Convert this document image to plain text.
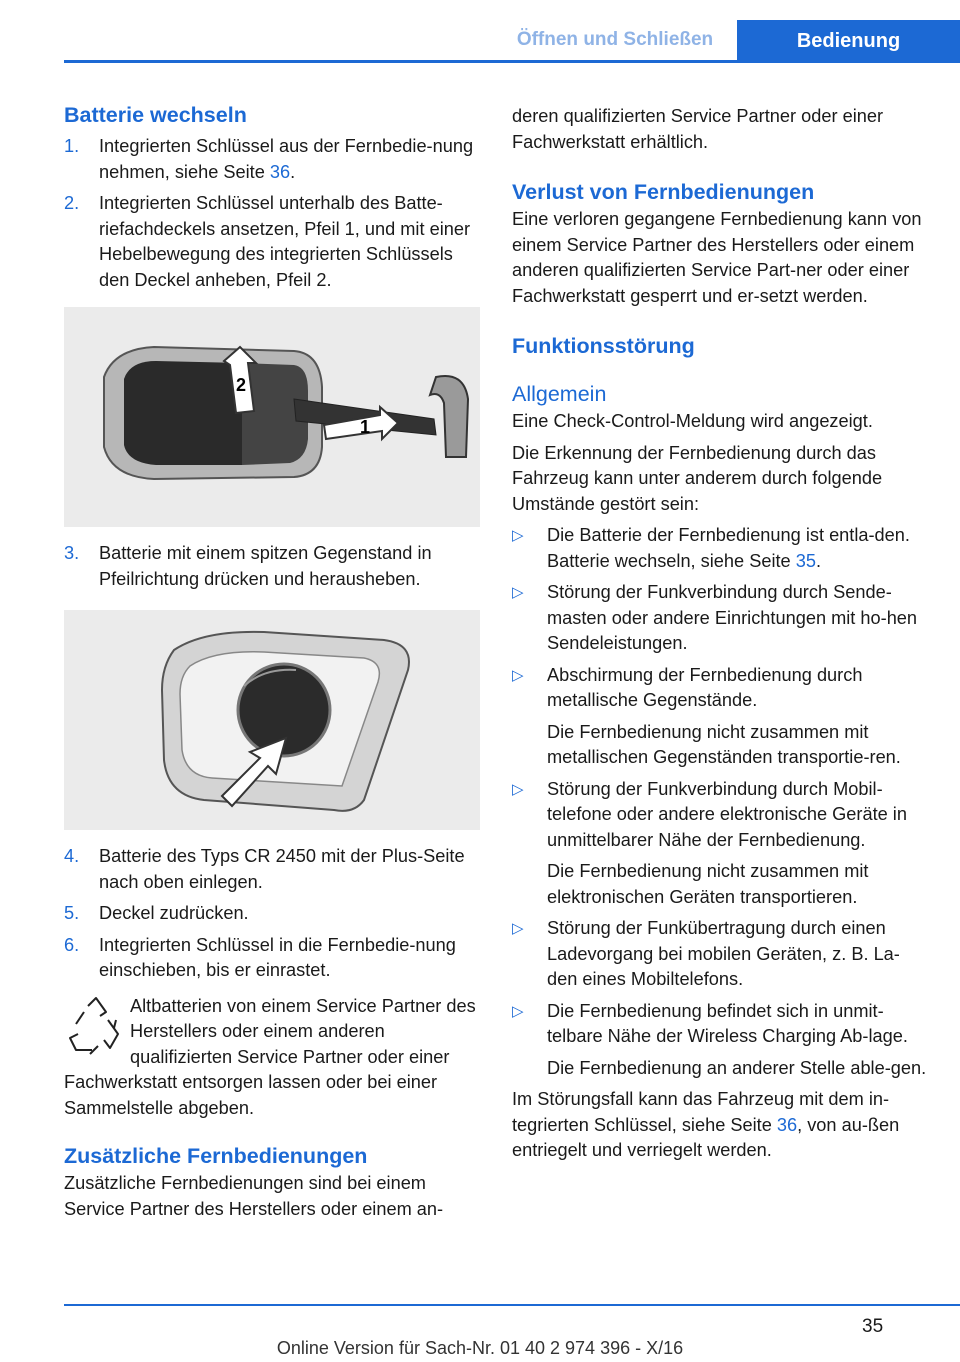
Öffnen und Schließen	Bedienung
Batterie wechseln
1.	Integrierten Schlüssel aus der Fernbedie-nung nehmen, siehe Seite 36.
2.	Integrierten Schlüssel unterhalb des Batte-riefachdeckels ansetzen, Pfeil 1, und mit einer Hebelbewegung des integrierten Schlüssels den Deckel anheben, Pfeil 2.
2
1
3.	Batterie mit einem spitzen Gegenstand in Pfeilrichtung drücken und herausheben.
4.	Batterie des Typs CR 2450 mit der Plus-Seite nach oben einlegen.
5.	Deckel zudrücken.
6.	Integrierten Schlüssel in die Fernbedie-nung einschieben, bis er einrastet.

Altbatterien von einem Service Partner des Herstellers oder einem anderen qualifizierten Service Partner oder einer Fachwerkstatt entsorgen lassen oder bei einer Sammelstelle abgeben.

Zusätzliche Fernbedienungen

Zusätzliche Fernbedienungen sind bei einem Service Partner des Herstellers oder einem an-

deren qualifizierten Service Partner oder einer Fachwerkstatt erhältlich.

Verlust von Fernbedienungen

Eine verloren gegangene Fernbedienung kann von einem Service Partner des Herstellers oder einem anderen qualifizierten Service Part-ner oder einer Fachwerkstatt gesperrt und er-setzt werden.

Funktionsstörung
Allgemein

Eine Check-Control-Meldung wird angezeigt.

Die Erkennung der Fernbedienung durch das Fahrzeug kann unter anderem durch folgende Umstände gestört sein:

▷	Die Batterie der Fernbedienung ist entla-den. Batterie wechseln, siehe Seite 35.
▷	Störung der Funkverbindung durch Sende-masten oder andere Einrichtungen mit ho-hen Sendeleistungen.
▷	Abschirmung der Fernbedienung durch metallische Gegenstände.
Die Fernbedienung nicht zusammen mit metallischen Gegenständen transportie-ren.
▷	Störung der Funkverbindung durch Mobil-telefone oder andere elektronische Geräte in unmittelbarer Nähe der Fernbedienung.
Die Fernbedienung nicht zusammen mit elektronischen Geräten transportieren.
▷	Störung der Funkübertragung durch einen Ladevorgang bei mobilen Geräten, z. B. La-den eines Mobiltelefons.
▷	Die Fernbedienung befindet sich in unmit-telbare Nähe der Wireless Charging Ab-lage.
Die Fernbedienung an anderer Stelle able-gen.

Im Störungsfall kann das Fahrzeug mit dem in-tegrierten Schlüssel, siehe Seite 36, von au-ßen entriegelt und verriegelt werden.

35
Online Version für Sach-Nr. 01 40 2 974 396 - X/16
